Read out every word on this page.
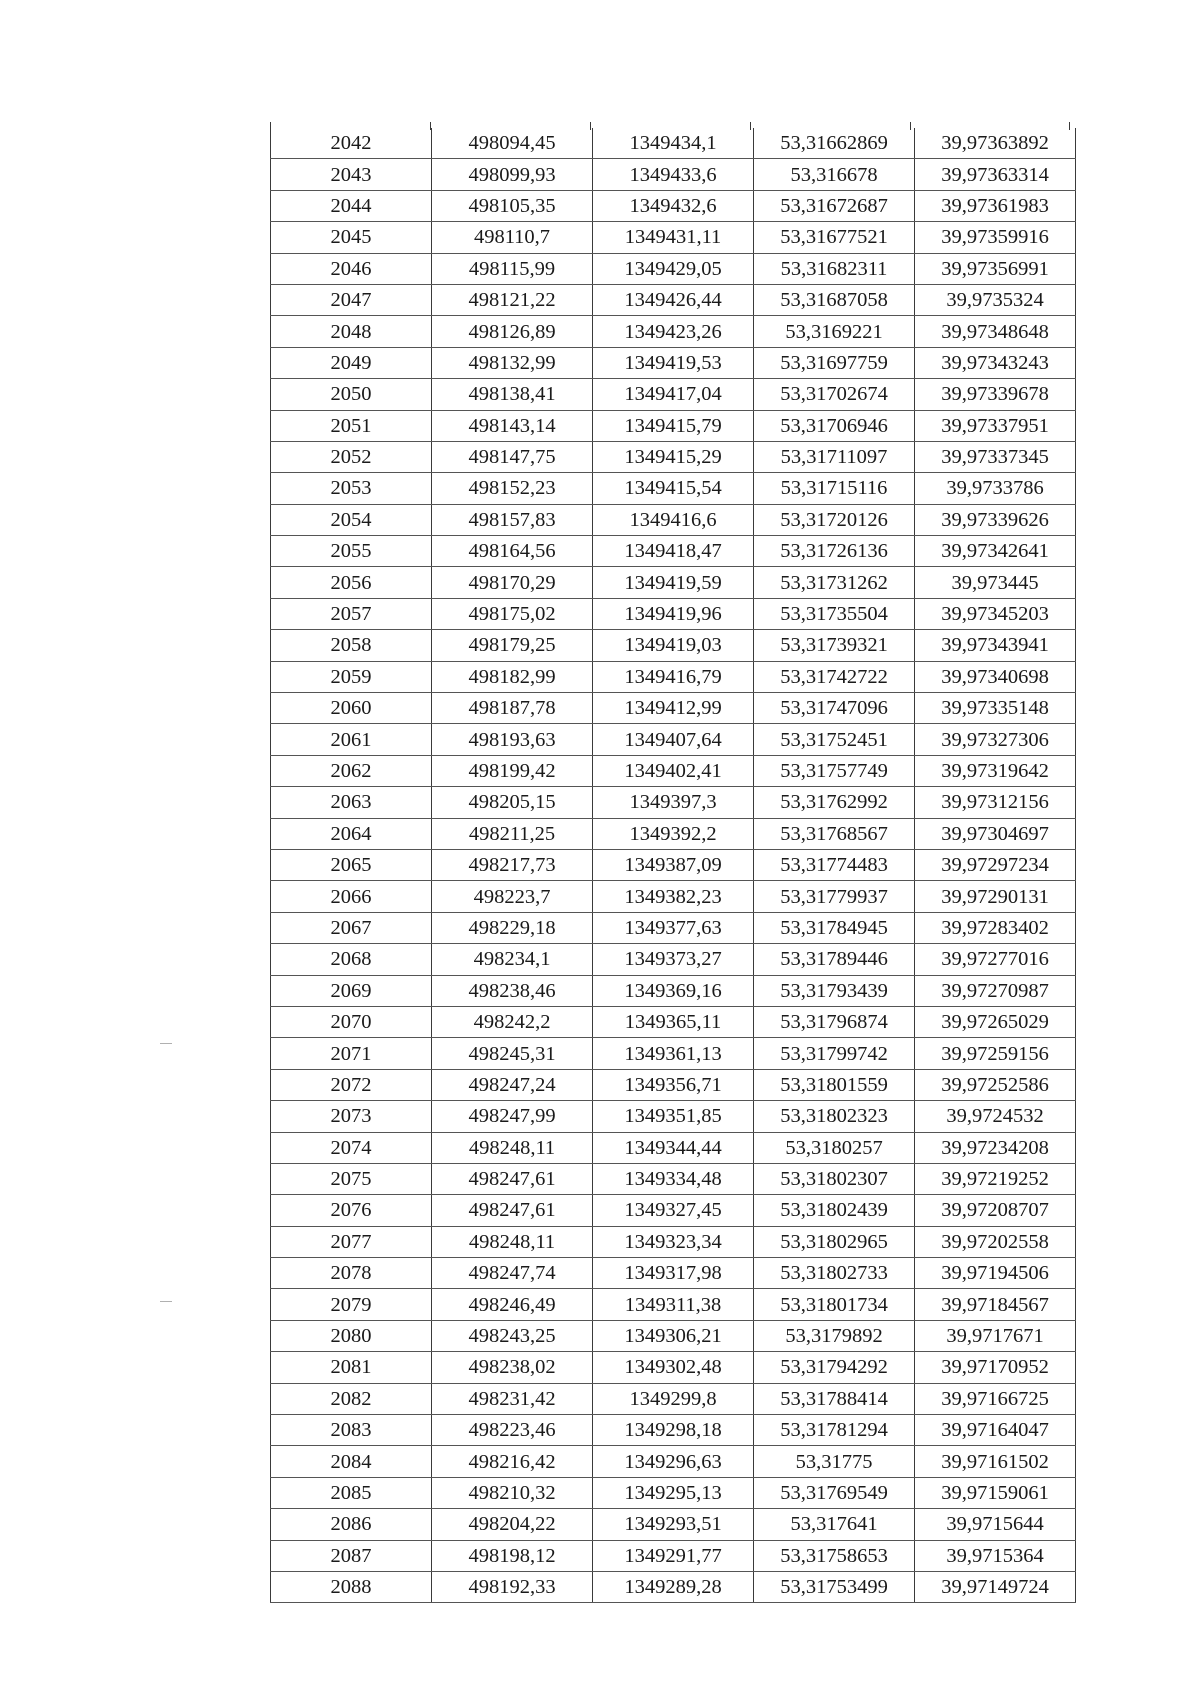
2042	498094,45	1349434,1	53,31662869	39,97363892
2043	498099,93	1349433,6	53,316678	39,97363314
2044	498105,35	1349432,6	53,31672687	39,97361983
2045	498110,7	1349431,11	53,31677521	39,97359916
2046	498115,99	1349429,05	53,31682311	39,97356991
2047	498121,22	1349426,44	53,31687058	39,9735324
2048	498126,89	1349423,26	53,3169221	39,97348648
2049	498132,99	1349419,53	53,31697759	39,97343243
2050	498138,41	1349417,04	53,31702674	39,97339678
2051	498143,14	1349415,79	53,31706946	39,97337951
2052	498147,75	1349415,29	53,31711097	39,97337345
2053	498152,23	1349415,54	53,31715116	39,9733786
2054	498157,83	1349416,6	53,31720126	39,97339626
2055	498164,56	1349418,47	53,31726136	39,97342641
2056	498170,29	1349419,59	53,31731262	39,973445
2057	498175,02	1349419,96	53,31735504	39,97345203
2058	498179,25	1349419,03	53,31739321	39,97343941
2059	498182,99	1349416,79	53,31742722	39,97340698
2060	498187,78	1349412,99	53,31747096	39,97335148
2061	498193,63	1349407,64	53,31752451	39,97327306
2062	498199,42	1349402,41	53,31757749	39,97319642
2063	498205,15	1349397,3	53,31762992	39,97312156
2064	498211,25	1349392,2	53,31768567	39,97304697
2065	498217,73	1349387,09	53,31774483	39,97297234
2066	498223,7	1349382,23	53,31779937	39,97290131
2067	498229,18	1349377,63	53,31784945	39,97283402
2068	498234,1	1349373,27	53,31789446	39,97277016
2069	498238,46	1349369,16	53,31793439	39,97270987
2070	498242,2	1349365,11	53,31796874	39,97265029
2071	498245,31	1349361,13	53,31799742	39,97259156
2072	498247,24	1349356,71	53,31801559	39,97252586
2073	498247,99	1349351,85	53,31802323	39,9724532
2074	498248,11	1349344,44	53,3180257	39,97234208
2075	498247,61	1349334,48	53,31802307	39,97219252
2076	498247,61	1349327,45	53,31802439	39,97208707
2077	498248,11	1349323,34	53,31802965	39,97202558
2078	498247,74	1349317,98	53,31802733	39,97194506
2079	498246,49	1349311,38	53,31801734	39,97184567
2080	498243,25	1349306,21	53,3179892	39,9717671
2081	498238,02	1349302,48	53,31794292	39,97170952
2082	498231,42	1349299,8	53,31788414	39,97166725
2083	498223,46	1349298,18	53,31781294	39,97164047
2084	498216,42	1349296,63	53,31775	39,97161502
2085	498210,32	1349295,13	53,31769549	39,97159061
2086	498204,22	1349293,51	53,317641	39,9715644
2087	498198,12	1349291,77	53,31758653	39,9715364
2088	498192,33	1349289,28	53,31753499	39,97149724
